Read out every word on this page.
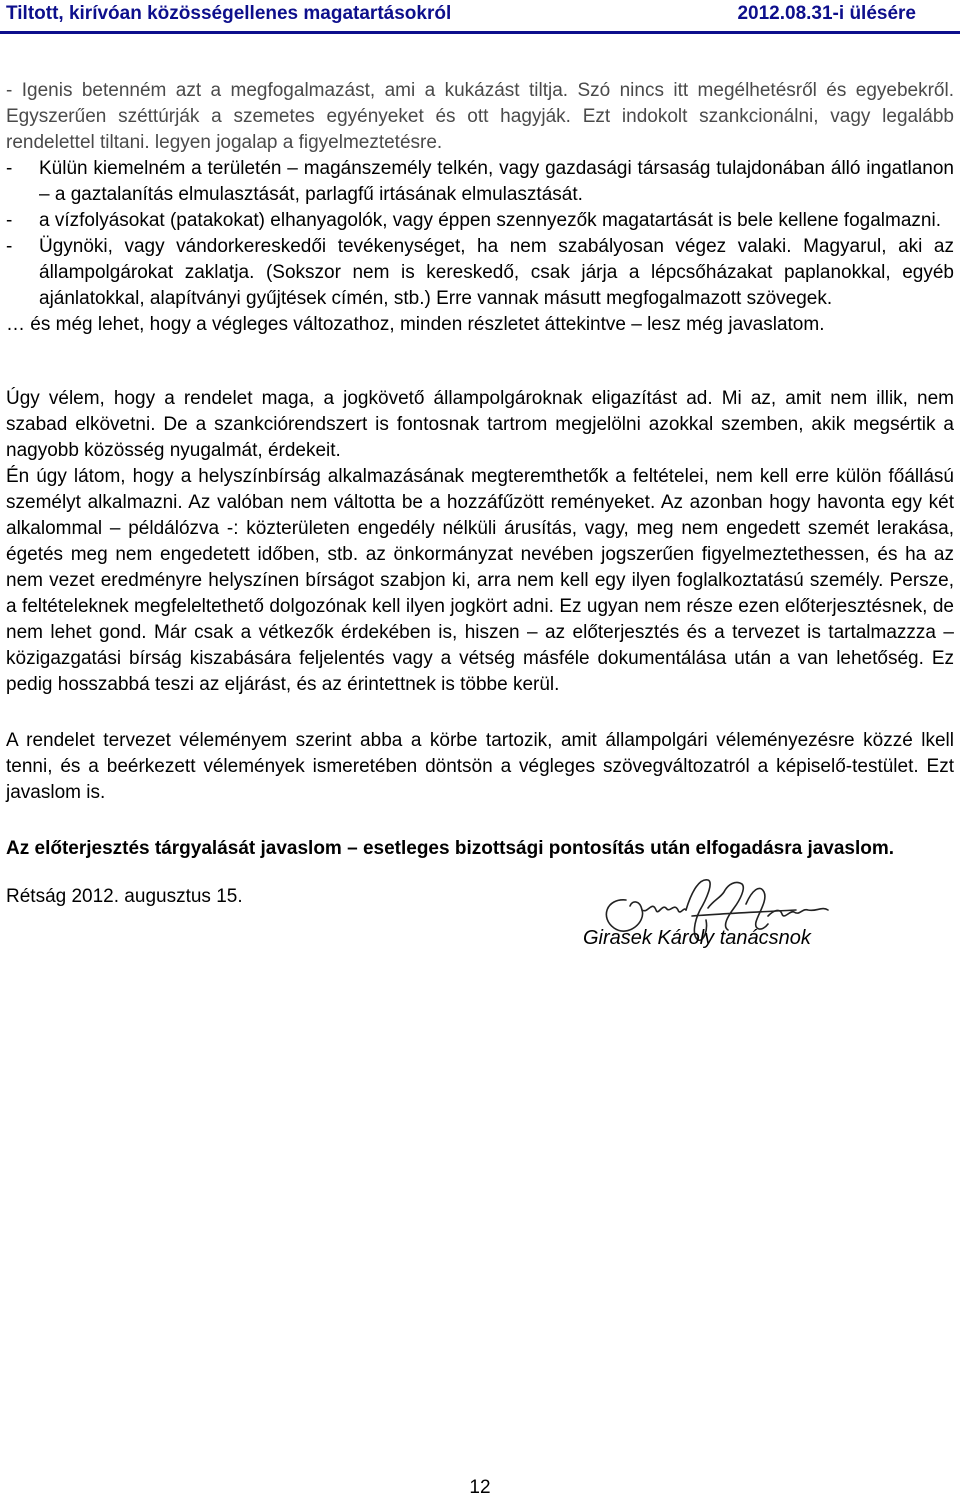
Tiltott, kirívóan közösségellenes magatartásokról	2012.08.31-i ülésére
- Igenis betenném azt a megfogalmazást, ami a kukázást tiltja. Szó nincs itt megélhetésről és egyebekről. Egyszerűen széttúrják a szemetes egyényeket és ott hagyják. Ezt indokolt szankcionálni, vagy legalább rendelettel tiltani. legyen jogalap a figyelmeztetésre.
- Külün kiemelném a területén – magánszemély telkén, vagy gazdasági társaság tulajdonában álló ingatlanon – a gaztalanítás elmulasztását, parlagfű irtásának elmulasztását.
- a vízfolyásokat (patakokat) elhanyagolók, vagy éppen szennyezők magatartását is bele kellene fogalmazni.
- Ügynöki, vagy vándorkereskedői tevékenységet, ha nem szabályosan végez valaki. Magyarul, aki az állampolgárokat zaklatja. (Sokszor nem is kereskedő, csak járja a lépcsőházakat paplanokkal, egyéb ajánlatokkal, alapítványi gyűjtések címén, stb.) Erre vannak másutt megfogalmazott szövegek.

… és még lehet, hogy a végleges változathoz, minden részletet áttekintve – lesz még javaslatom.

Úgy vélem, hogy a rendelet maga, a jogkövető állampolgároknak eligazítást ad. Mi az, amit nem illik, nem szabad elkövetni. De a szankciórendszert is fontosnak tartrom megjelölni azokkal szemben, akik megsértik a nagyobb közösség nyugalmát, érdekeit.

Én úgy látom, hogy a helyszínbírság alkalmazásának megteremthetők a feltételei, nem kell erre külön főállású személyt alkalmazni. Az valóban nem váltotta be a hozzáfűzött reményeket. Az azonban hogy havonta egy két alkalommal – példálózva -: közterületen engedély nélküli árusítás, vagy, meg nem engedett szemét lerakása, égetés meg nem engedetett időben, stb. az önkormányzat nevében jogszerűen figyelmeztethessen, és ha az nem vezet eredményre helyszínen bírságot szabjon ki, arra nem kell egy ilyen foglalkoztatású személy. Persze, a feltételeknek megfeleltethető dolgozónak kell ilyen jogkört adni. Ez ugyan nem része ezen előterjesztésnek, de nem lehet gond. Már csak a vétkezők érdekében is, hiszen – az előterjesztés és a tervezet is tartalmazzza – közigazgatási bírság kiszabására feljelentés vagy a vétség másféle dokumentálása után a van lehetőség. Ez pedig hosszabbá teszi az eljárást, és az érintettnek is többe kerül.

A rendelet tervezet véleményem szerint abba a körbe tartozik, amit állampolgári véleményezésre közzé lkell tenni, és a beérkezett vélemények ismeretében döntsön a végleges szövegváltozatról a képiselő-testület. Ezt javaslom is.

Az előterjesztés tárgyalását javaslom – esetleges bizottsági pontosítás után elfogadásra javaslom.

Rétság 2012. augusztus 15.
Girasek Károly tanácsnok
12
